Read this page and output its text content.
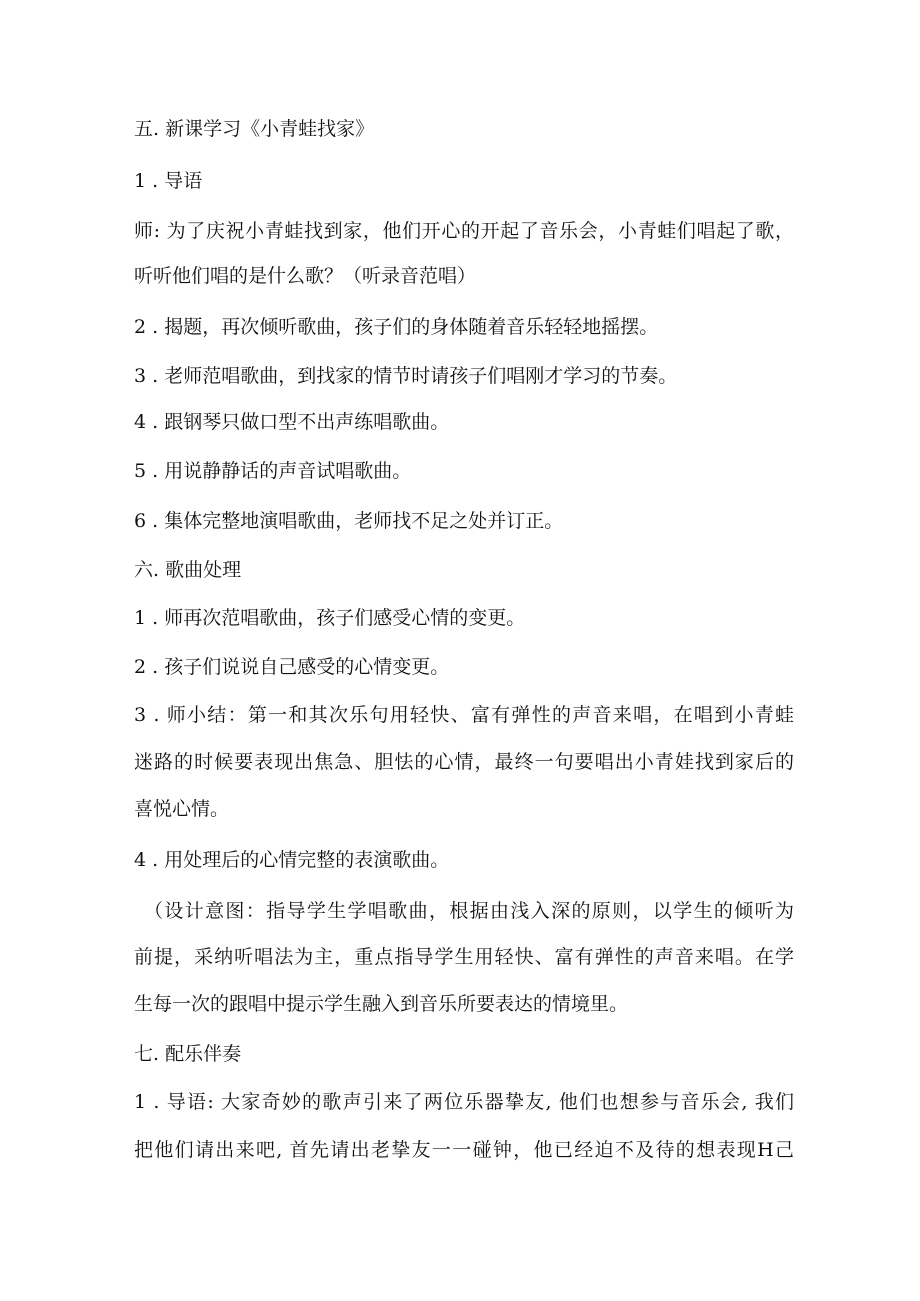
五. 新课学习《小青蛙找家》
1 . 导语
师: 为了庆祝小青蛙找到家，他们开心的开起了音乐会，小青蛙们唱起了歌，
听听他们唱的是什么歌？（听录音范唱）
2 . 揭题，再次倾听歌曲，孩子们的身体随着音乐轻轻地摇摆。
3 . 老师范唱歌曲，到找家的情节时请孩子们唱刚才学习的节奏。
4 . 跟钢琴只做口型不出声练唱歌曲。
5 . 用说静静话的声音试唱歌曲。
6 . 集体完整地演唱歌曲，老师找不足之处并订正。
六. 歌曲处理
1 . 师再次范唱歌曲，孩子们感受心情的变更。
2 . 孩子们说说自己感受的心情变更。
3 . 师小结：第一和其次乐句用轻快、富有弹性的声音来唱，在唱到小青蛙
迷路的时候要表现出焦急、胆怯的心情，最终一句要唱出小青娃找到家后的
喜悦心情。
4 . 用处理后的心情完整的表演歌曲。
（设计意图：指导学生学唱歌曲，根据由浅入深的原则，以学生的倾听为
前提，采纳听唱法为主，重点指导学生用轻快、富有弹性的声音来唱。在学
生每一次的跟唱中提示学生融入到音乐所要表达的情境里。
七. 配乐伴奏
1 . 导语: 大家奇妙的歌声引来了两位乐器挚友, 他们也想参与音乐会, 我们
把他们请出来吧, 首先请出老挚友一一碰钟，他已经迫不及待的想表现H己
